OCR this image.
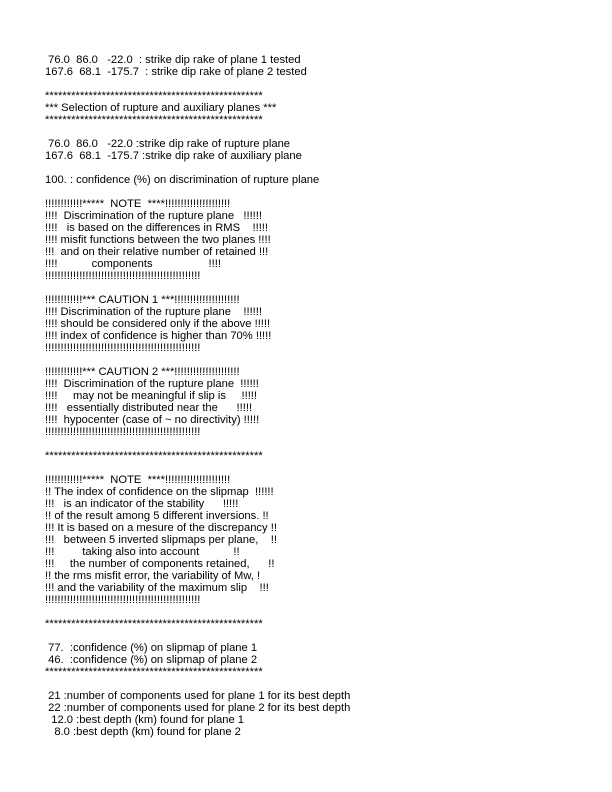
76.0  86.0   -22.0  : strike dip rake of plane 1 tested
167.6  68.1  -175.7  : strike dip rake of plane 2 tested
**************************************************
*** Selection of rupture and auxiliary planes ***
**************************************************
76.0  86.0   -22.0 :strike dip rake of rupture plane
167.6  68.1  -175.7 :strike dip rake of auxiliary plane
100. : confidence (%) on discrimination of rupture plane
!!!!!!!!!!!!*****  NOTE  ****!!!!!!!!!!!!!!!!!!!!!
!!!!  Discrimination of the rupture plane   !!!!!!
!!!!   is based on the differences in RMS    !!!!!
!!!! misfit functions between the two planes !!!!
!!!  and on their relative number of retained !!!
!!!!           components                  !!!!
!!!!!!!!!!!!!!!!!!!!!!!!!!!!!!!!!!!!!!!!!!!!!!!!!!
!!!!!!!!!!!!*** CAUTION 1 ***!!!!!!!!!!!!!!!!!!!!!
!!!! Discrimination of the rupture plane    !!!!!!
!!!! should be considered only if the above !!!!!
!!!! index of confidence is higher than 70% !!!!!
!!!!!!!!!!!!!!!!!!!!!!!!!!!!!!!!!!!!!!!!!!!!!!!!!!
!!!!!!!!!!!!*** CAUTION 2 ***!!!!!!!!!!!!!!!!!!!!!
!!!!  Discrimination of the rupture plane  !!!!!!
!!!!     may not be meaningful if slip is     !!!!!
!!!!   essentially distributed near the      !!!!!
!!!!  hypocenter (case of ~ no directivity) !!!!!
!!!!!!!!!!!!!!!!!!!!!!!!!!!!!!!!!!!!!!!!!!!!!!!!!!
**************************************************
!!!!!!!!!!!!*****  NOTE  ****!!!!!!!!!!!!!!!!!!!!!
!! The index of confidence on the slipmap  !!!!!!
!!!   is an indicator of the stability      !!!!!
!! of the result among 5 different inversions. !!
!!! It is based on a mesure of the discrepancy !!
!!!   between 5 inverted slipmaps per plane,    !!
!!!         taking also into account           !!
!!!     the number of components retained,      !!
!! the rms misfit error, the variability of Mw, !
!!! and the variability of the maximum slip    !!!
!!!!!!!!!!!!!!!!!!!!!!!!!!!!!!!!!!!!!!!!!!!!!!!!!!
**************************************************
77.  :confidence (%) on slipmap of plane 1
46.  :confidence (%) on slipmap of plane 2
**************************************************
21 :number of components used for plane 1 for its best depth
22 :number of components used for plane 2 for its best depth
12.0 :best depth (km) found for plane 1
8.0 :best depth (km) found for plane 2
